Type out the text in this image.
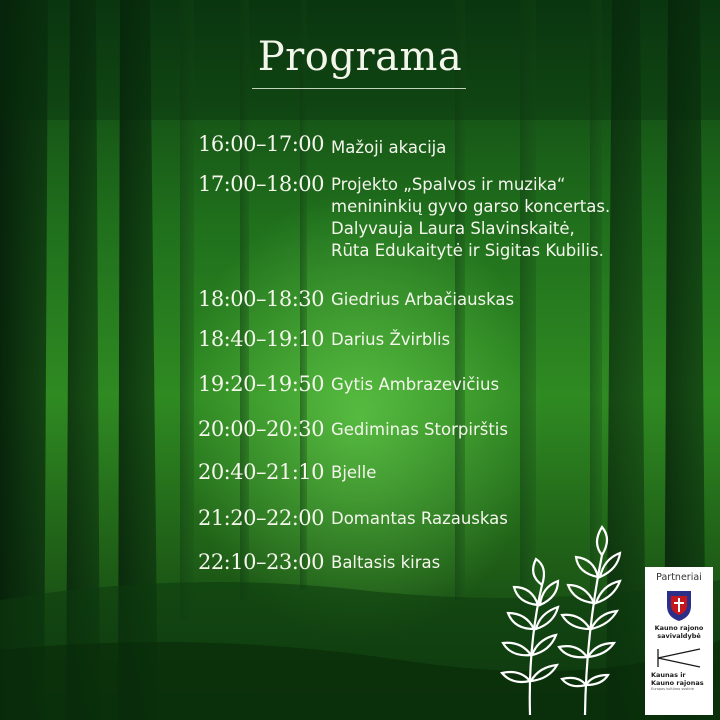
Programa
16:00–17:00 Mažoji akacija
17:00–18:00 Projekto „Spalvos ir muzika“
menininkių gyvo garso koncertas.
Dalyvauja Laura Slavinskaitė,
Rūta Edukaitytė ir Sigitas Kubilis.
18:00–18:30 Giedrius Arbačiauskas
18:40–19:10 Darius Žvirblis
19:20–19:50 Gytis Ambrazevičius
20:00–20:30 Gediminas Storpirštis
20:40–21:10 Bjelle
21:20–22:00 Domantas Razauskas
22:10–23:00 Baltasis kiras
Partneriai
Kauno rajono
savivaldybė
Kaunas ir
Kauno rajonas
Europos kultūros sostinė
